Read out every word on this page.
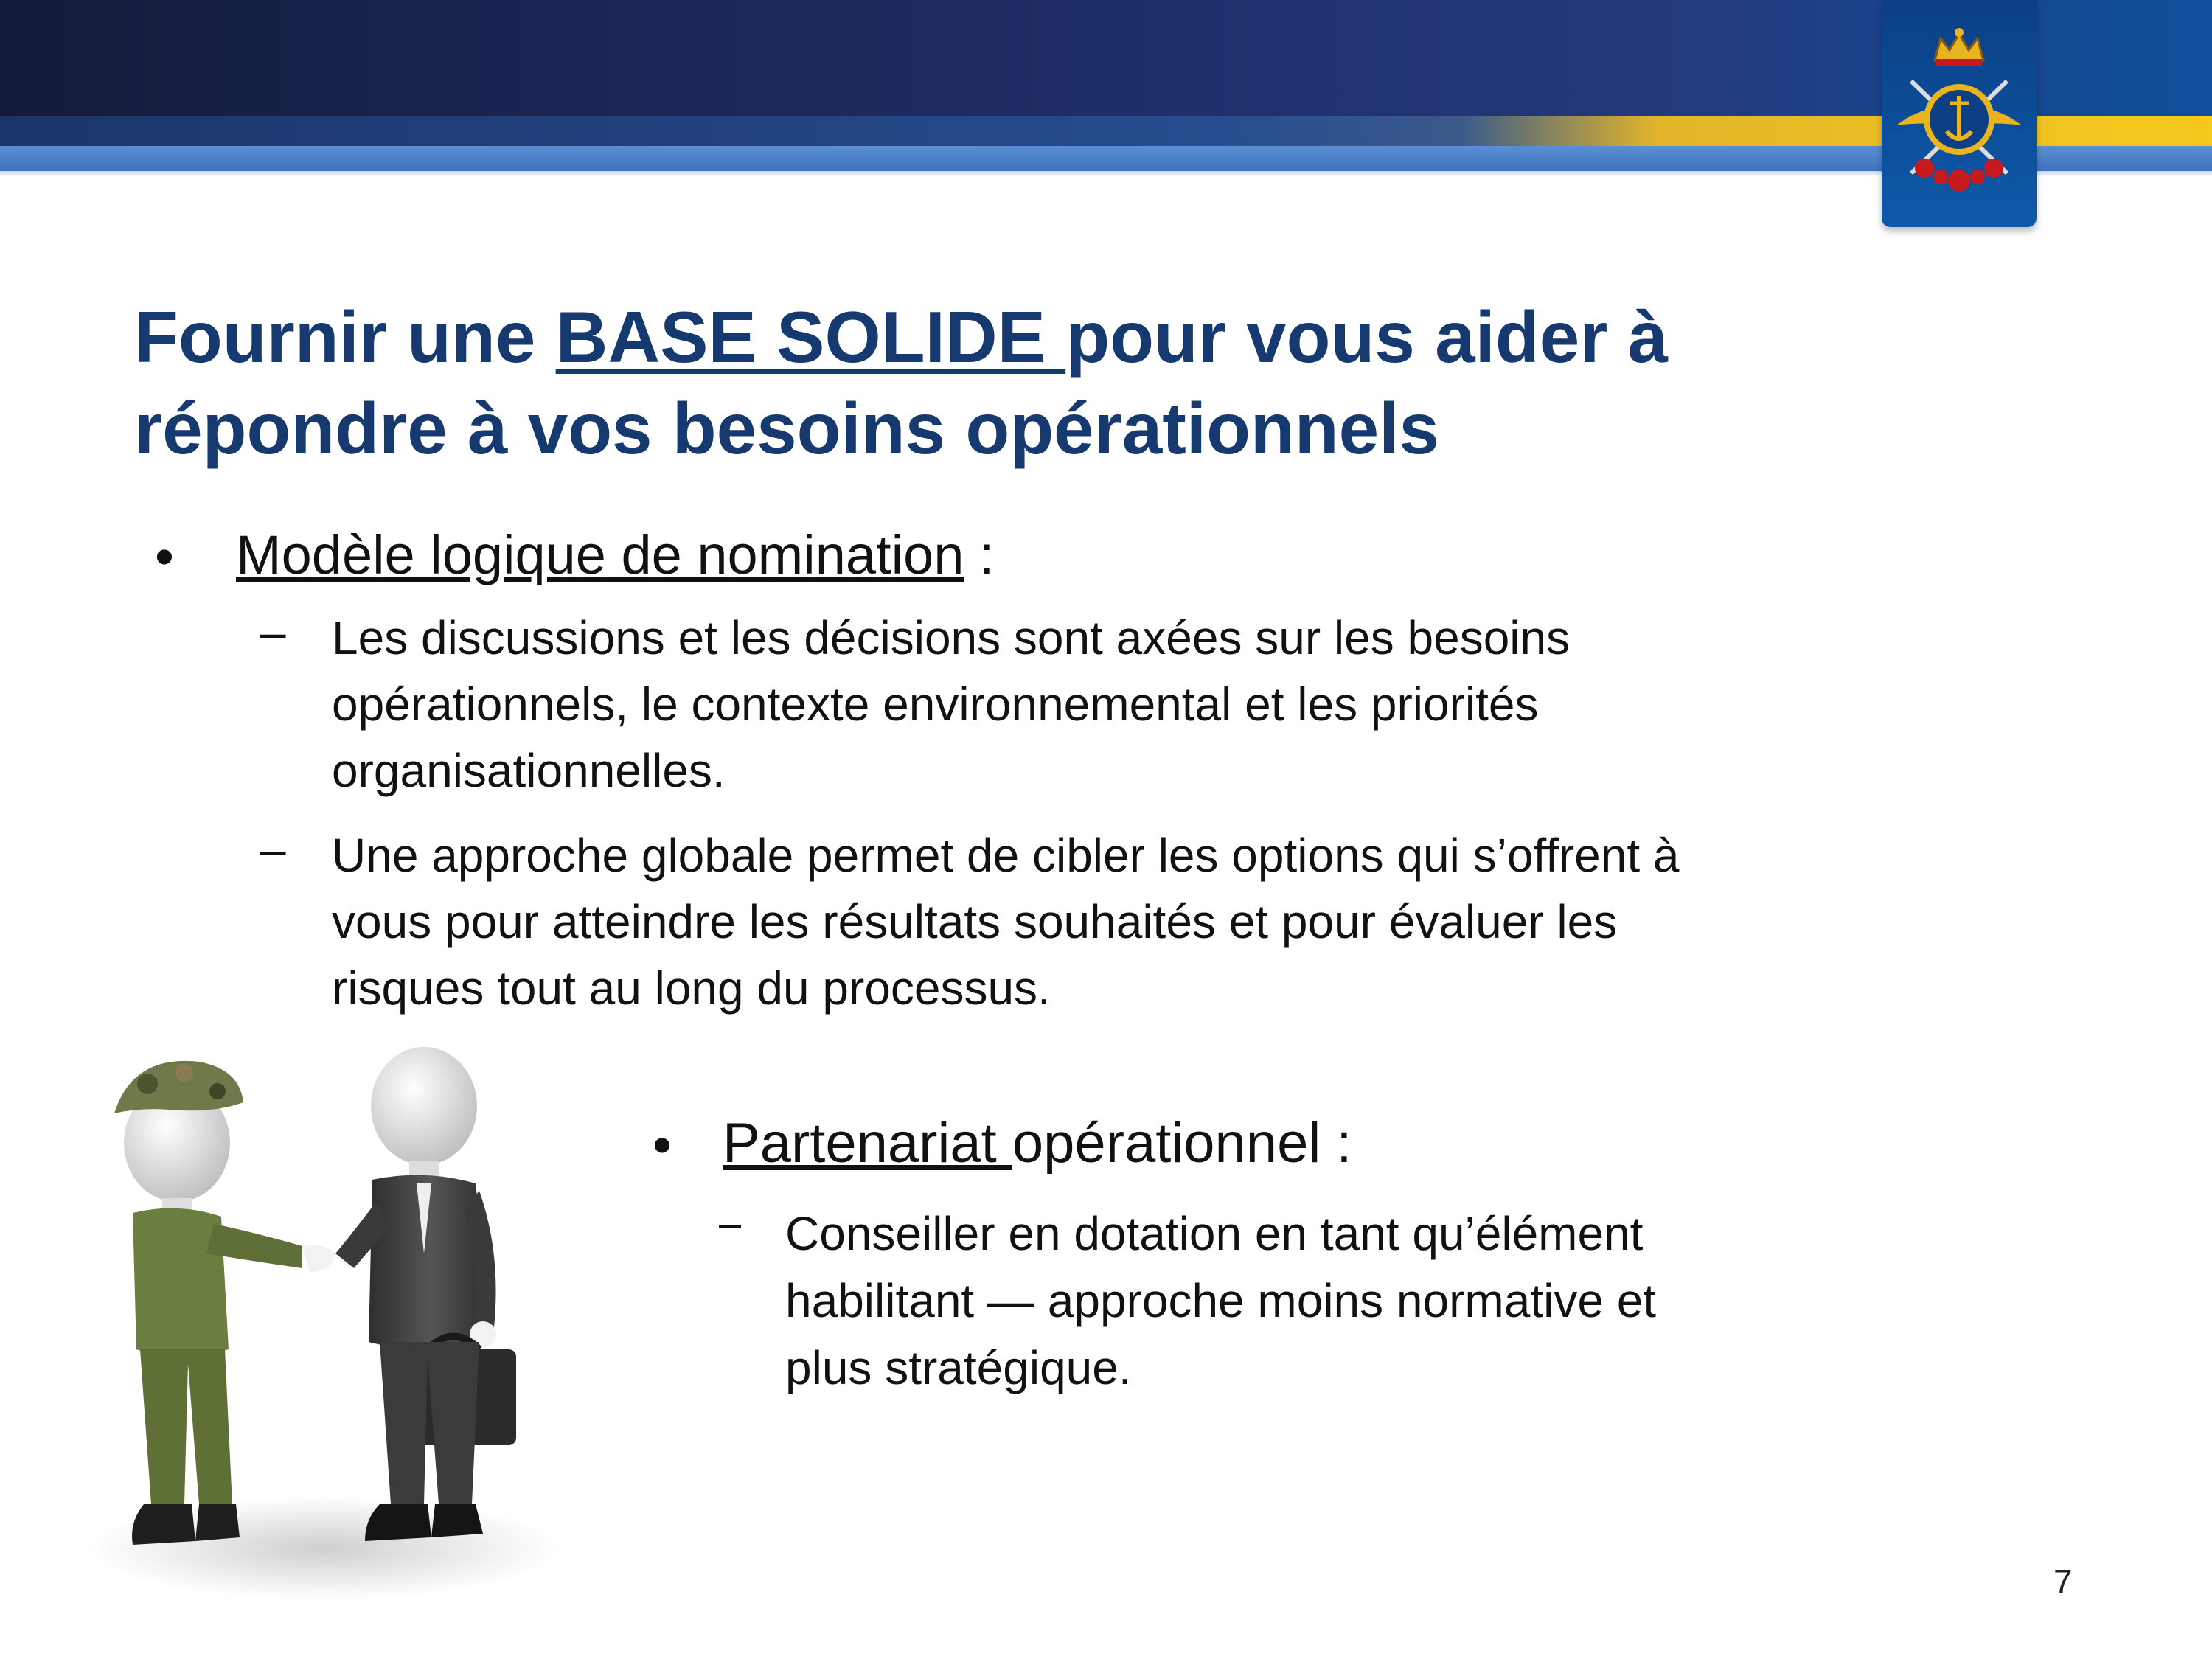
Fournir une BASE SOLIDE pour vous aider à
répondre à vos besoins opérationnels
• Modèle logique de nomination :
– Les discussions et les décisions sont axées sur les besoins opérationnels, le contexte environnemental et les priorités organisationnelles.
– Une approche globale permet de cibler les options qui s’offrent à vous pour atteindre les résultats souhaités et pour évaluer les risques tout au long du processus.
• Partenariat opérationnel :
– Conseiller en dotation en tant qu’élément habilitant — approche moins normative et plus stratégique.
7
